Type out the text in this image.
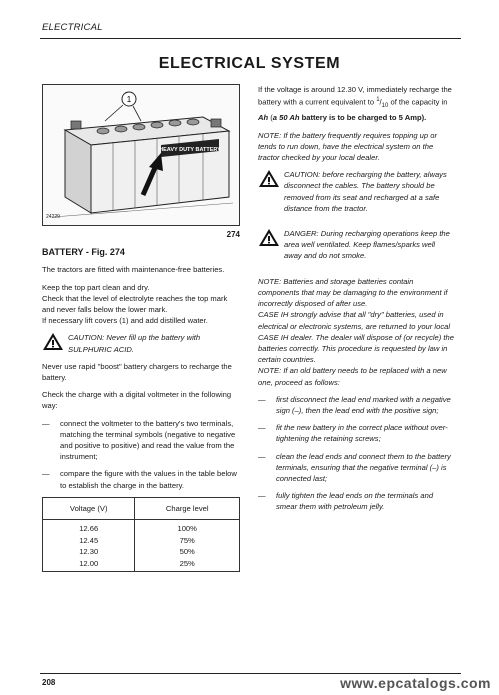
ELECTRICAL
ELECTRICAL SYSTEM
1
HEAVY DUTY BATTERY
24229
274
BATTERY - Fig. 274

The tractors are fitted with maintenance-free batteries.

Keep the top part clean and dry.
Check that the level of electrolyte reaches the top mark and never falls below the lower mark.
If necessary lift covers (1) and add distilled water.

CAUTION: Never fill up the battery with SULPHURIC ACID.

Never use rapid "boost" battery chargers to recharge the battery.

Check the charge with a digital voltmeter in the following way:

—	connect the voltmeter to the battery's two terminals, matching the terminal symbols (negative to negative and positive to positive) and read the value from the instrument;
—	compare the figure with the values in the table below to establish the charge in the battery.
Voltage (V)	Charge level
12.66	100%
12.45	75%
12.30	50%
12.00	25%

If the voltage is around 12.30 V, immediately recharge the battery with a current equivalent to $^1/_{10}$ of the capacity in Ah (a 50 Ah battery is to be charged to 5 Amp).

NOTE: If the battery frequently requires topping up or tends to run down, have the electrical system on the tractor checked by your local dealer.

CAUTION: before recharging the battery, always disconnect the cables. The battery should be removed from its seat and recharged at a safe distance from the tractor.
DANGER: During recharging operations keep the area well ventilated. Keep flames/sparks well away and do not smoke.

NOTE: Batteries and storage batteries contain components that may be damaging to the environment if incorrectly disposed of after use.

CASE IH strongly advise that all "dry" batteries, used in electrical or electronic systems, are returned to your local CASE IH dealer. The dealer will dispose of (or recycle) the batteries correctly. This procedure is requested by law in certain countries.

NOTE: If an old battery needs to be replaced with a new one, proceed as follows:

—	first disconnect the lead end marked with a negative sign (–), then the lead end with the positive sign;
—	fit the new battery in the correct place without over-tightening the retaining screws;
—	clean the lead ends and connect them to the battery terminals, ensuring that the negative terminal (–) is connected last;
—	fully tighten the lead ends on the terminals and smear them with petroleum jelly.
208	www.epcatalogs.com
